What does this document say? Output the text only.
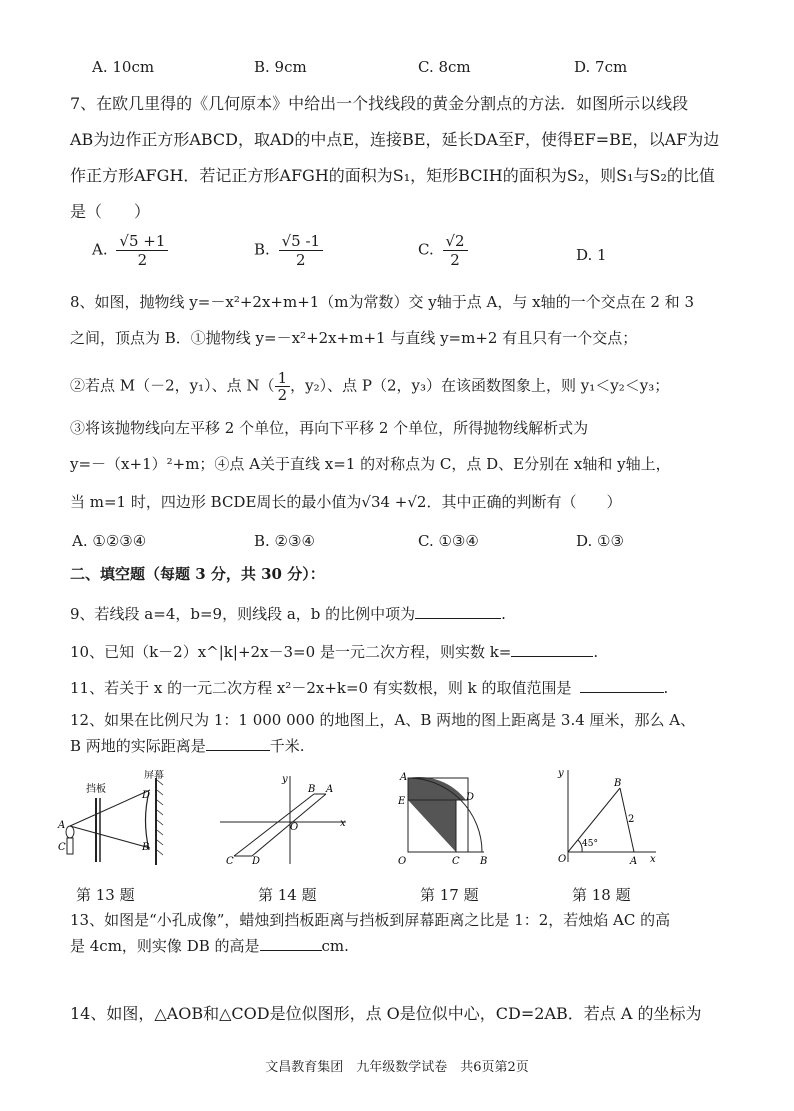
A. 10cm	B. 9cm	C. 8cm	D. 7cm
7、在欧几里得的《几何原本》中给出一个找线段的黄金分割点的方法．如图所示以线段
AB为边作正方形ABCD，取AD的中点E，连接BE，延长DA至F，使得EF=BE，以AF为边
作正方形AFGH．若记正方形AFGH的面积为S₁，矩形BCIH的面积为S₂，则S₁与S₂的比值
是（　　）
A. $\frac{√5 +1}{2}$	B. $\frac{√5 -1}{2}$	C. $\frac{√2}{2}$	D. 1
8、如图，抛物线 y=－x²+2x+m+1（m为常数）交 y轴于点 A，与 x轴的一个交点在 2 和 3
之间，顶点为 B．①抛物线 y=－x²+2x+m+1 与直线 y=m+2 有且只有一个交点；
②若点 M（－2，y₁）、点 $N( \frac{1}{2}$ ，y₂）、点 P（2，y₃）在该函数图象上，则 y₁＜y₂＜y₃；
③将该抛物线向左平移 2 个单位，再向下平移 2 个单位，所得抛物线解析式为
y=－（x+1）²+m；④点 A关于直线 x=1 的对称点为 C，点 D、E分别在 x轴和 y轴上，
当 m=1 时，四边形 BCDE周长的最小值为√34 +√2．其中正确的判断有（　　）
A. ①②③④	B. ②③④	C. ①③④	D. ①③
二、填空题（每题 3 分，共 30 分）：
9、若线段 a=4，b=9，则线段 a，b 的比例中项为	.
10、已知（k－2）x^|k|+2x－3=0 是一元二次方程，则实数 k=	.
11、若关于 x 的一元二次方程 x²－2x+k=0 有实数根，则 k 的取值范围是	.
12、如果在比例尺为 1：1 000 000 的地图上，A、B 两地的图上距离是 3.4 厘米，那么 A、
B 两地的实际距离是	千米.
A
C
D
B
挡板
屏幕
第 13 题
y
x
O
B A
C D
第 14 题
A
E	D
O	C B
第 17 题
y
x
O	A
B
2
45°
第 18 题
13、如图是“小孔成像”，蜡烛到挡板距离与挡板到屏幕距离之比是 1：2，若烛焰 AC 的高
是 4cm，则实像 DB 的高是	cm.
14、如图，△AOB和△COD是位似图形，点 O是位似中心，CD=2AB．若点 A 的坐标为
文昌教育集团　九年级数学试卷　共6页第2页
